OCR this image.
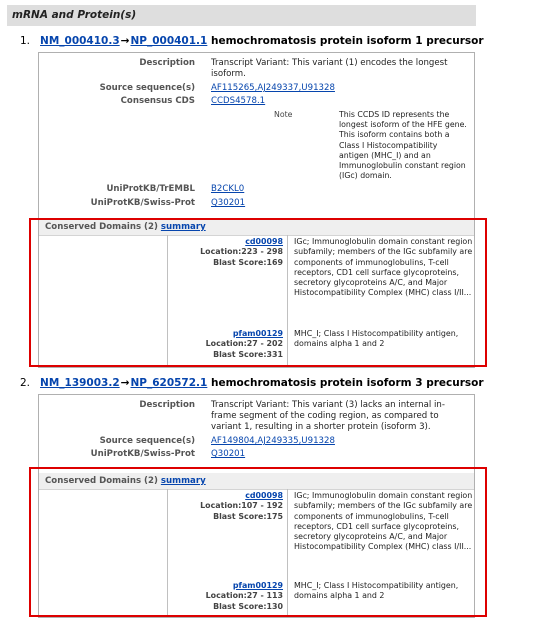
mRNA and Protein(s)
1. NM_000410.3→NP_000401.1 hemochromatosis protein isoform 1 precursor
Description Transcript Variant: This variant (1) encodes the longest isoform.
Source sequence(s) AF115265,AJ249337,U91328
Consensus CDS CCDS4578.1
Note	This CCDS ID represents the longest isoform of the HFE gene. This isoform contains both a Class I Histocompatibility antigen (MHC_I) and an Immunoglobulin constant region (IGc) domain.
UniProtKB/TrEMBL B2CKL0
UniProtKB/Swiss-Prot Q30201
Conserved Domains (2) summary
cd00098
Location:223 - 298
Blast Score:169
IGc; Immunoglobulin domain constant region subfamily; members of the IGc subfamily are components of immunoglobulins, T-cell receptors, CD1 cell surface glycoproteins, secretory glycoproteins A/C, and Major Histocompatibility Complex (MHC) class I/II...
pfam00129
Location:27 - 202
Blast Score:331
MHC_I; Class I Histocompatibility antigen, domains alpha 1 and 2
2. NM_139003.2→NP_620572.1 hemochromatosis protein isoform 3 precursor
Description Transcript Variant: This variant (3) lacks an internal in-frame segment of the coding region, as compared to variant 1, resulting in a shorter protein (isoform 3).
Source sequence(s) AF149804,AJ249335,U91328
UniProtKB/Swiss-Prot Q30201
Conserved Domains (2) summary
cd00098
Location:107 - 192
Blast Score:175
IGc; Immunoglobulin domain constant region subfamily; members of the IGc subfamily are components of immunoglobulins, T-cell receptors, CD1 cell surface glycoproteins, secretory glycoproteins A/C, and Major Histocompatibility Complex (MHC) class I/II...
pfam00129
Location:27 - 113
Blast Score:130
MHC_I; Class I Histocompatibility antigen, domains alpha 1 and 2
